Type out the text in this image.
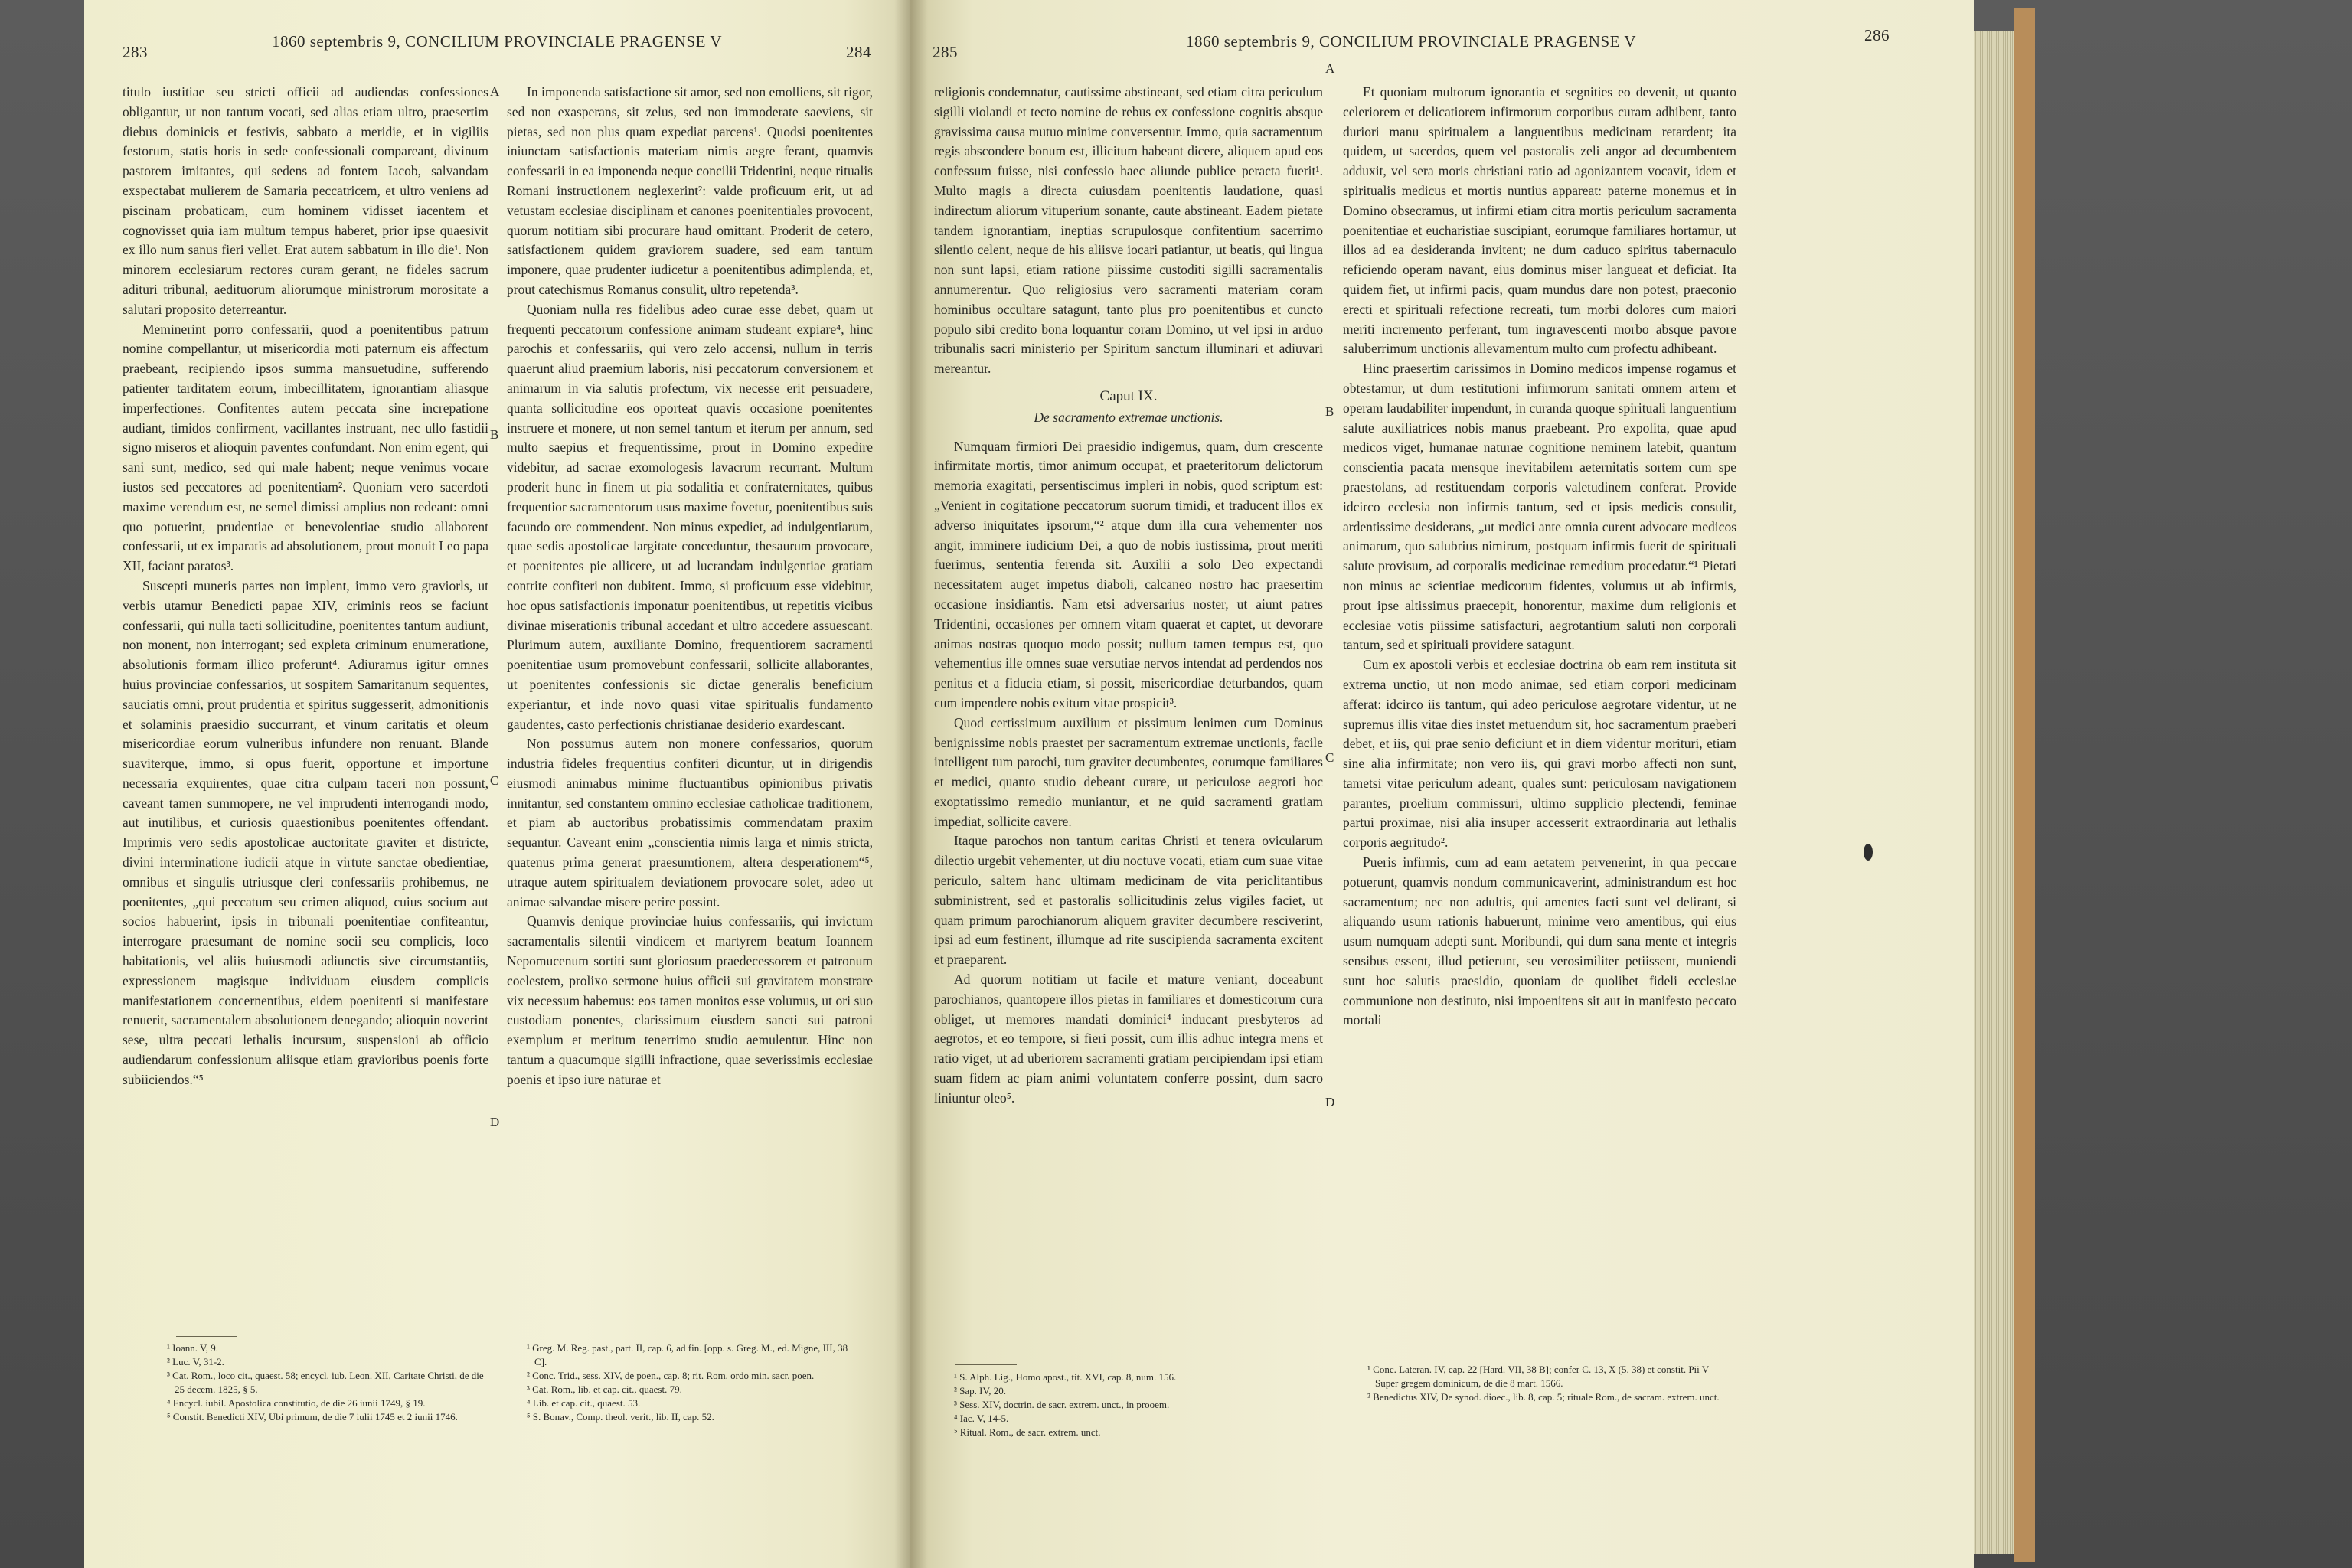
283
1860 septembris 9, CONCILIUM PROVINCIALE PRAGENSE V
284

titulo iustitiae seu stricti officii ad audiendas confessiones obligantur, ut non tantum vocati, sed alias etiam ultro, praesertim diebus dominicis et festivis, sabbato a meridie, et in vigiliis festorum, statis horis in sede confessionali compareant, divinum pastorem imitantes, qui sedens ad fontem Iacob, salvandam exspectabat mulierem de Samaria peccatricem, et ultro veniens ad piscinam probaticam, cum hominem vidisset iacentem et cognovisset quia iam multum tempus haberet, prior ipse quaesivit ex illo num sanus fieri vellet. Erat autem sabbatum in illo die¹. Non minorem ecclesiarum rectores curam gerant, ne fideles sacrum adituri tribunal, aedituorum aliorumque ministrorum morositate a salutari proposito deterreantur.

Meminerint porro confessarii, quod a poenitentibus patrum nomine compellantur, ut misericordia moti paternum eis affectum praebeant, recipiendo ipsos summa mansuetudine, sufferendo patienter tarditatem eorum, imbecillitatem, ignorantiam aliasque imperfectiones. Confitentes autem peccata sine increpatione audiant, timidos confirment, vacillantes instruant, nec ullo fastidii signo miseros et alioquin paventes confundant. Non enim egent, qui sani sunt, medico, sed qui male habent; neque venimus vocare iustos sed peccatores ad poenitentiam². Quoniam vero sacerdoti maxime verendum est, ne semel dimissi amplius non redeant: omni quo potuerint, prudentiae et benevolentiae studio allaborent confessarii, ut ex imparatis ad absolutionem, prout monuit Leo papa XII, faciant paratos³.

Suscepti muneris partes non implent, immo vero graviorls, ut verbis utamur Benedicti papae XIV, criminis reos se faciunt confessarii, qui nulla tacti sollicitudine, poenitentes tantum audiunt, non monent, non interrogant; sed expleta criminum enumeratione, absolutionis formam illico proferunt⁴. Adiuramus igitur omnes huius provinciae confessarios, ut sospitem Samaritanum sequentes, sauciatis omni, prout prudentia et spiritus suggesserit, admonitionis et solaminis praesidio succurrant, et vinum caritatis et oleum misericordiae eorum vulneribus infundere non renuant. Blande suaviterque, immo, si opus fuerit, opportune et importune necessaria exquirentes, quae citra culpam taceri non possunt, caveant tamen summopere, ne vel imprudenti interrogandi modo, aut inutilibus, et curiosis quaestionibus poenitentes offendant. Imprimis vero sedis apostolicae auctoritate graviter et districte, divini interminatione iudicii atque in virtute sanctae obedientiae, omnibus et singulis utriusque cleri confessariis prohibemus, ne poenitentes, „qui peccatum seu crimen aliquod, cuius socium aut socios habuerint, ipsis in tribunali poenitentiae confiteantur, interrogare praesumant de nomine socii seu complicis, loco habitationis, vel aliis huiusmodi adiunctis sive circumstantiis, expressionem magisque individuam eiusdem complicis manifestationem concernentibus, eidem poenitenti si manifestare renuerit, sacramentalem absolutionem denegando; alioquin noverint sese, ultra peccati lethalis incursum, suspensioni ab officio audiendarum confessionum aliisque etiam gravioribus poenis forte subiiciendos.“⁵

A
B
C
D

In imponenda satisfactione sit amor, sed non emolliens, sit rigor, sed non exasperans, sit zelus, sed non immoderate saeviens, sit pietas, sed non plus quam expediat parcens¹. Quodsi poenitentes iniunctam satisfactionis materiam nimis aegre ferant, quamvis confessarii in ea imponenda neque concilii Tridentini, neque ritualis Romani instructionem neglexerint²: valde proficuum erit, ut ad vetustam ecclesiae disciplinam et canones poenitentiales provocent, quorum notitiam sibi procurare haud omittant. Proderit de cetero, satisfactionem quidem graviorem suadere, sed eam tantum imponere, quae prudenter iudicetur a poenitentibus adimplenda, et, prout catechismus Romanus consulit, ultro repetenda³.

Quoniam nulla res fidelibus adeo curae esse debet, quam ut frequenti peccatorum confessione animam studeant expiare⁴, hinc parochis et confessariis, qui vero zelo accensi, nullum in terris quaerunt aliud praemium laboris, nisi peccatorum conversionem et animarum in via salutis profectum, vix necesse erit persuadere, quanta sollicitudine eos oporteat quavis occasione poenitentes instruere et monere, ut non semel tantum et iterum per annum, sed multo saepius et frequentissime, prout in Domino expedire videbitur, ad sacrae exomologesis lavacrum recurrant. Multum proderit hunc in finem ut pia sodalitia et confraternitates, quibus frequentior sacramentorum usus maxime fovetur, poenitentibus suis facundo ore commendent. Non minus expediet, ad indulgentiarum, quae sedis apostolicae largitate conceduntur, thesaurum provocare, et poenitentes pie allicere, ut ad lucrandam indulgentiae gratiam contrite confiteri non dubitent. Immo, si proficuum esse videbitur, hoc opus satisfactionis imponatur poenitentibus, ut repetitis vicibus divinae miserationis tribunal accedant et ultro accedere assuescant. Plurimum autem, auxiliante Domino, frequentiorem sacramenti poenitentiae usum promovebunt confessarii, sollicite allaborantes, ut poenitentes confessionis sic dictae generalis beneficium experiantur, et inde novo quasi vitae spiritualis fundamento gaudentes, casto perfectionis christianae desiderio exardescant.

Non possumus autem non monere confessarios, quorum industria fideles frequentius confiteri dicuntur, ut in dirigendis eiusmodi animabus minime fluctuantibus opinionibus privatis innitantur, sed constantem omnino ecclesiae catholicae traditionem, et piam ab auctoribus probatissimis commendatam praxim sequantur. Caveant enim „conscientia nimis larga et nimis stricta, quatenus prima generat praesumtionem, altera desperationem“⁵, utraque autem spiritualem deviationem provocare solet, adeo ut animae salvandae misere perire possint.

Quamvis denique provinciae huius confessariis, qui invictum sacramentalis silentii vindicem et martyrem beatum Ioannem Nepomucenum sortiti sunt gloriosum praedecessorem et patronum coelestem, prolixo sermone huius officii sui gravitatem monstrare vix necessum habemus: eos tamen monitos esse volumus, ut ori suo custodiam ponentes, clarissimum eiusdem sancti sui patroni exemplum et meritum tenerrimo studio aemulentur. Hinc non tantum a quacumque sigilli infractione, quae severissimis ecclesiae poenis et ipso iure naturae et

¹ Ioann. V, 9.
² Luc. V, 31-2.
³ Cat. Rom., loco cit., quaest. 58; encycl. iub. Leon. XII, Caritate Christi, de die 25 decem. 1825, § 5.
⁴ Encycl. iubil. Apostolica constitutio, de die 26 iunii 1749, § 19.
⁵ Constit. Benedicti XIV, Ubi primum, de die 7 iulii 1745 et 2 iunii 1746.
¹ Greg. M. Reg. past., part. II, cap. 6, ad fin. [opp. s. Greg. M., ed. Migne, III, 38 C].
² Conc. Trid., sess. XIV, de poen., cap. 8; rit. Rom. ordo min. sacr. poen.
³ Cat. Rom., lib. et cap. cit., quaest. 79.
⁴ Lib. et cap. cit., quaest. 53.
⁵ S. Bonav., Comp. theol. verit., lib. II, cap. 52.
285
1860 septembris 9, CONCILIUM PROVINCIALE PRAGENSE V	286

religionis condemnatur, cautissime abstineant, sed etiam citra periculum sigilli violandi et tecto nomine de rebus ex confessione cognitis absque gravissima causa mutuo minime conversentur. Immo, quia sacramentum regis abscondere bonum est, illicitum habeant dicere, aliquem apud eos confessum fuisse, nisi confessio haec aliunde publice peracta fuerit¹. Multo magis a directa cuiusdam poenitentis laudatione, quasi indirectum aliorum vituperium sonante, caute abstineant. Eadem pietate tandem ignorantiam, ineptias scrupulosque confitentium sacerrimo silentio celent, neque de his aliisve iocari patiantur, ut beatis, qui lingua non sunt lapsi, etiam ratione piissime custoditi sigilli sacramentalis annumerentur. Quo religiosius vero sacramenti materiam coram hominibus occultare satagunt, tanto plus pro poenitentibus et cuncto populo sibi credito bona loquantur coram Domino, ut vel ipsi in arduo tribunalis sacri ministerio per Spiritum sanctum illuminari et adiuvari mereantur.

Caput IX.
De sacramento extremae unctionis.

Numquam firmiori Dei praesidio indigemus, quam, dum crescente infirmitate mortis, timor animum occupat, et praeteritorum delictorum memoria exagitati, persentiscimus impleri in nobis, quod scriptum est: „Venient in cogitatione peccatorum suorum timidi, et traducent illos ex adverso iniquitates ipsorum,“² atque dum illa cura vehementer nos angit, imminere iudicium Dei, a quo de nobis iustissima, prout meriti fuerimus, sententia ferenda sit. Auxilii a solo Deo expectandi necessitatem auget impetus diaboli, calcaneo nostro hac praesertim occasione insidiantis. Nam etsi adversarius noster, ut aiunt patres Tridentini, occasiones per omnem vitam quaerat et captet, ut devorare animas nostras quoquo modo possit; nullum tamen tempus est, quo vehementius ille omnes suae versutiae nervos intendat ad perdendos nos penitus et a fiducia etiam, si possit, misericordiae deturbandos, quam cum impendere nobis exitum vitae prospicit³.

Quod certissimum auxilium et pissimum lenimen cum Dominus benignissime nobis praestet per sacramentum extremae unctionis, facile intelligent tum parochi, tum graviter decumbentes, eorumque familiares et medici, quanto studio debeant curare, ut periculose aegroti hoc exoptatissimo remedio muniantur, et ne quid sacramenti gratiam impediat, sollicite cavere.

Itaque parochos non tantum caritas Christi et tenera ovicularum dilectio urgebit vehementer, ut diu noctuve vocati, etiam cum suae vitae periculo, saltem hanc ultimam medicinam de vita periclitantibus subministrent, sed et pastoralis sollicitudinis zelus vigiles faciet, ut quam primum parochianorum aliquem graviter decumbere resciverint, ipsi ad eum festinent, illumque ad rite suscipienda sacramenta excitent et praeparent.

Ad quorum notitiam ut facile et mature veniant, doceabunt parochianos, quantopere illos pietas in familiares et domesticorum cura obliget, ut memores mandati dominici⁴ inducant presbyteros ad aegrotos, et eo tempore, si fieri possit, cum illis adhuc integra mens et ratio viget, ut ad uberiorem sacramenti gratiam percipiendam ipsi etiam suam fidem ac piam animi voluntatem conferre possint, dum sacro liniuntur oleo⁵.

A
B
C
D

Et quoniam multorum ignorantia et segnities eo devenit, ut quanto celeriorem et delicatiorem infirmorum corporibus curam adhibent, tanto duriori manu spiritualem a languentibus medicinam retardent; ita quidem, ut sacerdos, quem vel pastoralis zeli angor ad decumbentem adduxit, vel sera moris christiani ratio ad agonizantem vocavit, idem et spiritualis medicus et mortis nuntius appareat: paterne monemus et in Domino obsecramus, ut infirmi etiam citra mortis periculum sacramenta poenitentiae et eucharistiae suscipiant, eorumque familiares hortamur, ut illos ad ea desideranda invitent; ne dum caduco spiritus tabernaculo reficiendo operam navant, eius dominus miser langueat et deficiat. Ita quidem fiet, ut infirmi pacis, quam mundus dare non potest, praeconio erecti et spirituali refectione recreati, tum morbi dolores cum maiori meriti incremento perferant, tum ingravescenti morbo absque pavore saluberrimum unctionis allevamentum multo cum profectu adhibeant.

Hinc praesertim carissimos in Domino medicos impense rogamus et obtestamur, ut dum restitutioni infirmorum sanitati omnem artem et operam laudabiliter impendunt, in curanda quoque spirituali languentium salute auxiliatrices nobis manus praebeant. Pro expolita, quae apud medicos viget, humanae naturae cognitione neminem latebit, quantum conscientia pacata mensque inevitabilem aeternitatis sortem cum spe praestolans, ad restituendam corporis valetudinem conferat. Provide idcirco ecclesia non infirmis tantum, sed et ipsis medicis consulit, ardentissime desiderans, „ut medici ante omnia curent advocare medicos animarum, quo salubrius nimirum, postquam infirmis fuerit de spirituali salute provisum, ad corporalis medicinae remedium procedatur.“¹ Pietati non minus ac scientiae medicorum fidentes, volumus ut ab infirmis, prout ipse altissimus praecepit, honorentur, maxime dum religionis et ecclesiae votis piissime satisfacturi, aegrotantium saluti non corporali tantum, sed et spirituali providere satagunt.

Cum ex apostoli verbis et ecclesiae doctrina ob eam rem instituta sit extrema unctio, ut non modo animae, sed etiam corpori medicinam afferat: idcirco iis tantum, qui adeo periculose aegrotare videntur, ut ne supremus illis vitae dies instet metuendum sit, hoc sacramentum praeberi debet, et iis, qui prae senio deficiunt et in diem videntur morituri, etiam sine alia infirmitate; non vero iis, qui gravi morbo affecti non sunt, tametsi vitae periculum adeant, quales sunt: periculosam navigationem parantes, proelium commissuri, ultimo supplicio plectendi, feminae partui proximae, nisi alia insuper accesserit extraordinaria aut lethalis corporis aegritudo².

Pueris infirmis, cum ad eam aetatem pervenerint, in qua peccare potuerunt, quamvis nondum communicaverint, administrandum est hoc sacramentum; nec non adultis, qui amentes facti sunt vel delirant, si aliquando usum rationis habuerunt, minime vero amentibus, qui eius usum numquam adepti sunt. Moribundi, qui dum sana mente et integris sensibus essent, illud petierunt, seu verosimiliter petiissent, muniendi sunt hoc salutis praesidio, quoniam de quolibet fideli ecclesiae communione non destituto, nisi impoenitens sit aut in manifesto peccato mortali

¹ S. Alph. Lig., Homo apost., tit. XVI, cap. 8, num. 156.
² Sap. IV, 20.
³ Sess. XIV, doctrin. de sacr. extrem. unct., in prooem.
⁴ Iac. V, 14-5.
⁵ Ritual. Rom., de sacr. extrem. unct.
¹ Conc. Lateran. IV, cap. 22 [Hard. VII, 38 B]; confer C. 13, X (5. 38) et constit. Pii V Super gregem dominicum, de die 8 mart. 1566.
² Benedictus XIV, De synod. dioec., lib. 8, cap. 5; rituale Rom., de sacram. extrem. unct.
